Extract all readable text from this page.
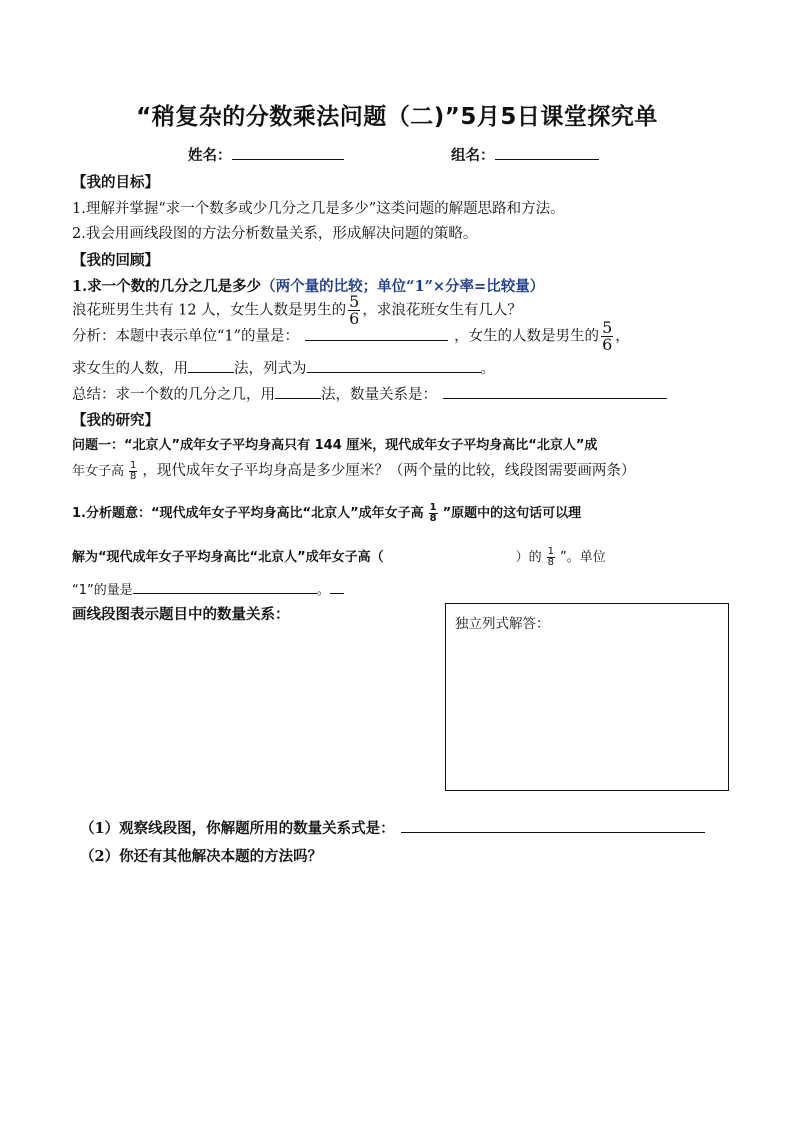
“稍复杂的分数乘法问题（二)”5月5日课堂探究单
姓名：	组名：
【我的目标】
1.理解并掌握“求一个数多或少几分之几是多少”这类问题的解题思路和方法。
2.我会用画线段图的方法分析数量关系，形成解决问题的策略。
【我的回顾】
1.求一个数的几分之几是多少（两个量的比较；单位“1”×分率=比较量）
浪花班男生共有 12 人，女生人数是男生的 $\frac{5}{6}$ ，求浪花班女生有几人？
分析：本题中表示单位“1”的量是：	，女生的人数是男生的 $\frac{5}{6}$ ，
求女生的人数，用	法，列式为	。
总结：求一个数的几分之几，用	法，数量关系是：
【我的研究】
问题一：“北京人”成年女子平均身高只有 144 厘米，现代成年女子平均身高比“北京人”成
年女子高 $\frac{1}{8}$ ，现代成年女子平均身高是多少厘米？（两个量的比较，线段图需要画两条）
1.分析题意：“现代成年女子平均身高比“北京人”成年女子高 $\frac{1}{8}$ ”原题中的这句话可以理
解为“现代成年女子平均身高比“北京人”成年女子高（	）的 $\frac{1}{8}$ ”。单位
“1”的量是	。
画线段图表示题目中的数量关系：
独立列式解答：
（1）观察线段图，你解题所用的数量关系式是：
（2）你还有其他解决本题的方法吗？
